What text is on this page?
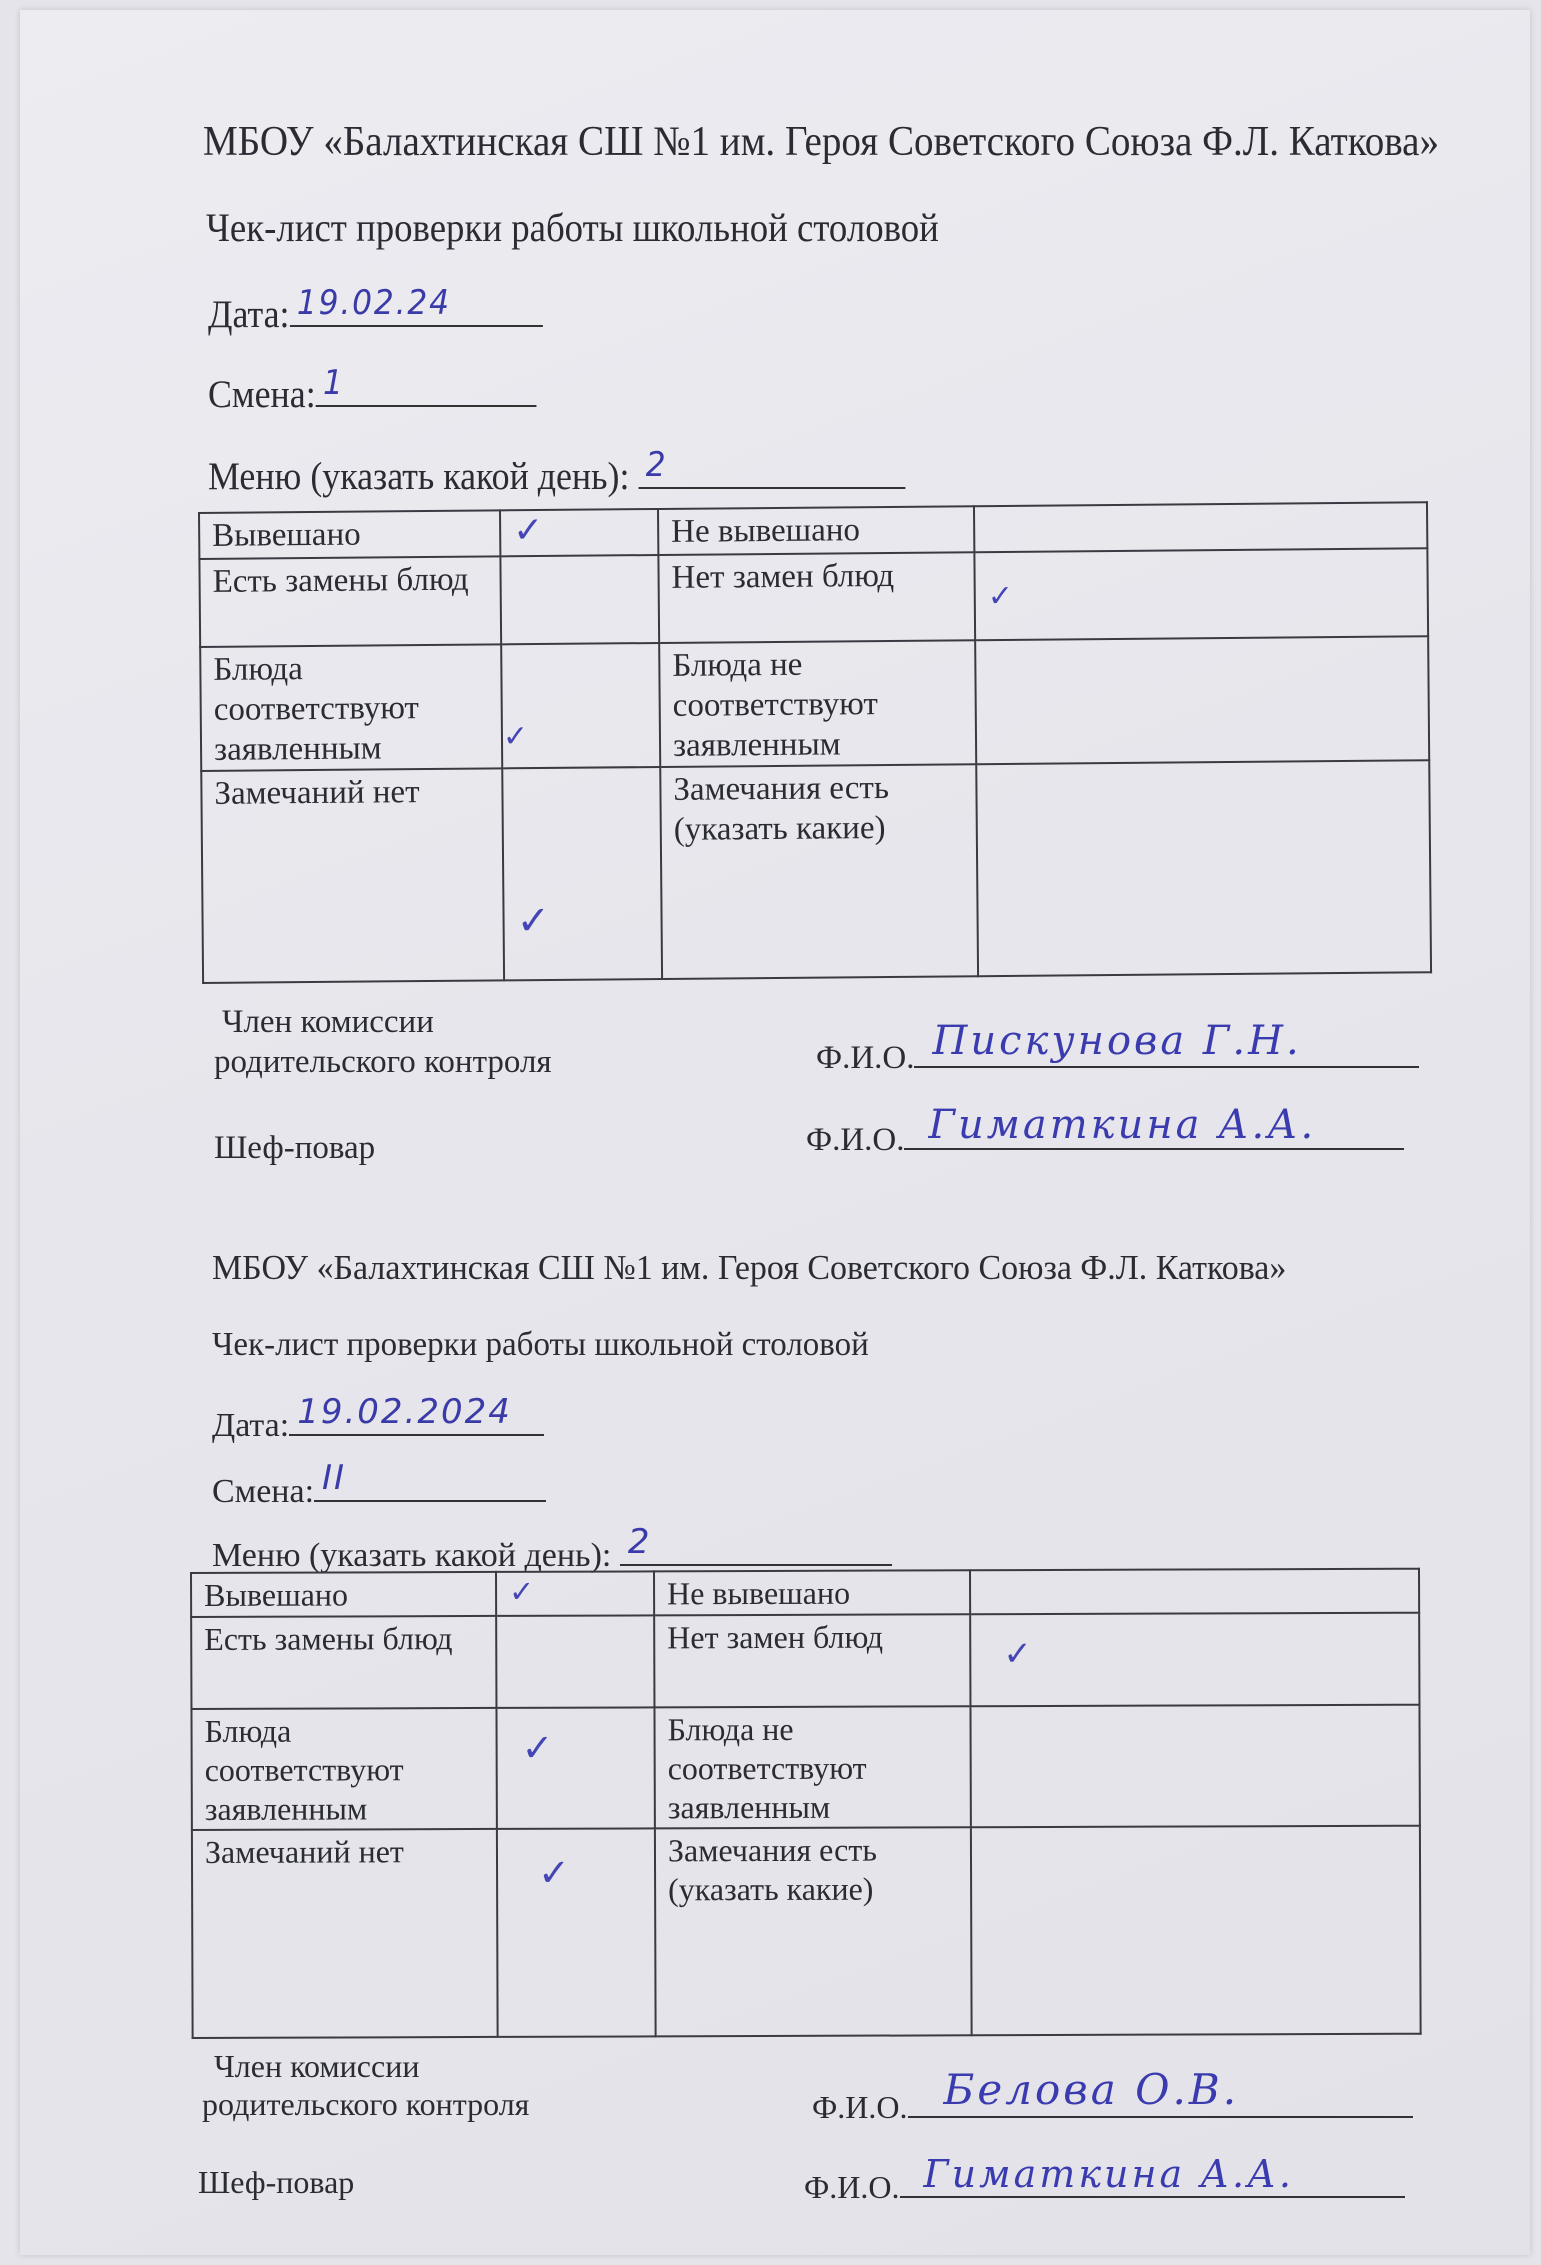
МБОУ «Балахтинская СШ №1 им. Героя Советского Союза Ф.Л. Каткова»
Чек-лист проверки работы школьной столовой
Дата: 19.02.24
Смена: 1
Меню (указать какой день): 2
Вывешано	✓	Не вывешано	

Есть замены блюд		Нет замен блюд	✓

Блюда соответствуют заявленным	✓	Блюда не соответствуют заявленным	

Замечаний нет	✓	Замечания есть (указать какие)	
Член комиссии
родительского контроля	Ф.И.О. Пискунова Г.Н.
Шеф-повар	Ф.И.О. Гиматкина А.А.
МБОУ «Балахтинская СШ №1 им. Героя Советского Союза Ф.Л. Каткова»
Чек-лист проверки работы школьной столовой
Дата: 19.02.2024
Смена: II
Меню (указать какой день): 2
Вывешано	✓	Не вывешано	

Есть замены блюд		Нет замен блюд	✓

Блюда соответствуют заявленным	✓	Блюда не соответствуют заявленным	

Замечаний нет	✓	Замечания есть (указать какие)	
Член комиссии
родительского контроля	Ф.И.О. Белова О.В.
Шеф-повар	Ф.И.О. Гиматкина А.А.
